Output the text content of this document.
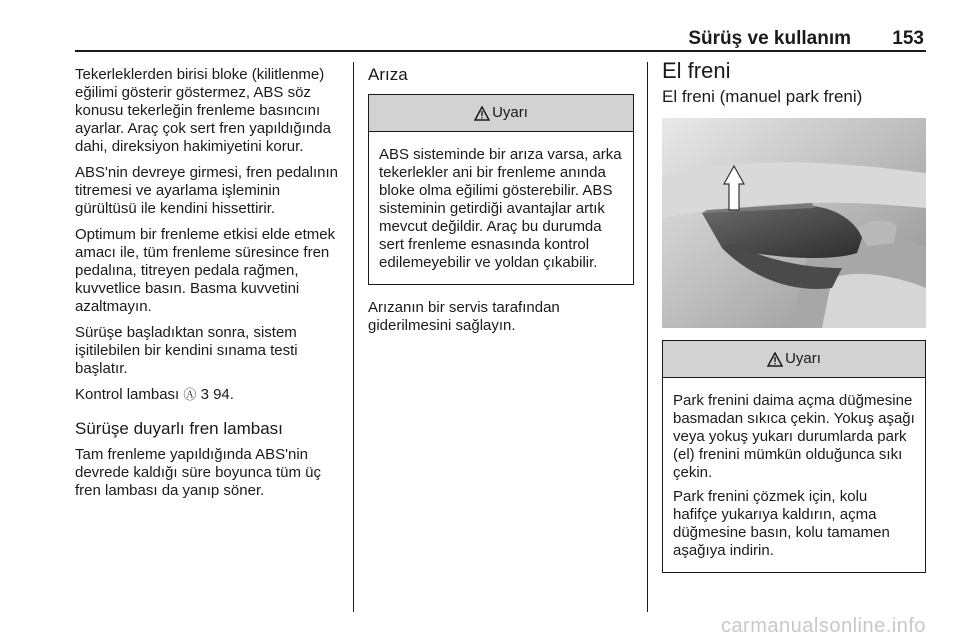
Sürüş ve kullanım 153

Tekerleklerden birisi bloke (kilitlenme) eğilimi gösterir göstermez, ABS söz konusu tekerleğin frenleme basıncını ayarlar. Araç çok sert fren yapıldığında dahi, direksiyon hakimiyetini korur.

ABS'nin devreye girmesi, fren pedalının titremesi ve ayarlama işleminin gürültüsü ile kendini hissettirir.

Optimum bir frenleme etkisi elde etmek amacı ile, tüm frenleme süresince fren pedalına, titreyen pedala rağmen, kuvvetlice basın. Basma kuvvetini azaltmayın.

Sürüşe başladıktan sonra, sistem işitilebilen bir kendini sınama testi başlatır.

Kontrol lambası Ⓐ 3 94.

Sürüşe duyarlı fren lambası

Tam frenleme yapıldığında ABS'nin devrede kaldığı süre boyunca tüm üç fren lambası da yanıp söner.

Arıza
Uyarı

ABS sisteminde bir arıza varsa, arka tekerlekler ani bir frenleme anında bloke olma eğilimi gösterebilir. ABS sisteminin getirdiği avantajlar artık mevcut değildir. Araç bu durumda sert frenleme esnasında kontrol edilemeyebilir ve yoldan çıkabilir.

Arızanın bir servis tarafından giderilmesini sağlayın.

El freni
El freni (manuel park freni)
Uyarı

Park frenini daima açma düğmesine basmadan sıkıca çekin. Yokuş aşağı veya yokuş yukarı durumlarda park (el) frenini mümkün olduğunca sıkı çekin.

Park frenini çözmek için, kolu hafifçe yukarıya kaldırın, açma düğmesine basın, kolu tamamen aşağıya indirin.

carmanualsonline.info
